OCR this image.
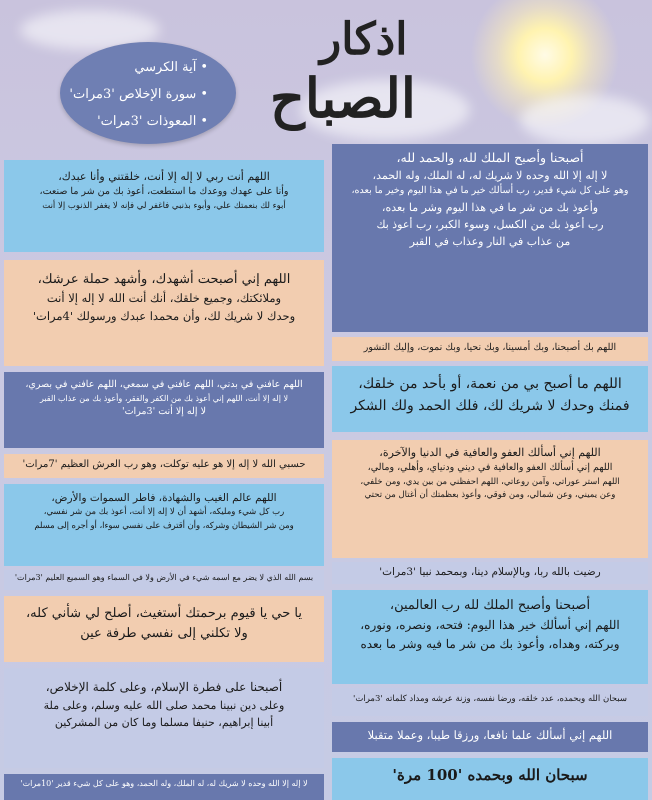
اذكار
الصباح
• آية الكرسي
• سورة الإخلاص '3مرات'
• المعوذات '3مرات'

أصبحنا وأصبح الملك لله، والحمد لله،

لا إله إلا الله وحده لا شريك له، له الملك، وله الحمد،

وهو على كل شيء قدير، رب أسألك خير ما في هذا اليوم وخير ما بعده،

وأعوذ بك من شر ما في هذا اليوم وشر ما بعده،

رب أعوذ بك من الكسل، وسوء الكبر، رب أعوذ بك

من عذاب في النار وعذاب في القبر

اللهم بك أصبحنا، وبك أمسينا، وبك نحيا، وبك نموت، وإليك النشور

اللهم ما أصبح بي من نعمة، أو بأحد من خلقك،

فمنك وحدك لا شريك لك، فلك الحمد ولك الشكر

اللهم إني أسألك العفو والعافية في الدنيا والآخرة،

اللهم إني أسألك العفو والعافية في ديني ودنياي، وأهلي، ومالي،

اللهم استر عوراتي، وآمن روعاتي، اللهم احفظني من بين يدي، ومن خلفي،

وعن يميني، وعن شمالي، ومن فوقي، وأعوذ بعظمتك أن أغتال من تحتي

رضيت بالله ربا، وبالإسلام دينا، وبمحمد نبيا '3مرات'

أصبحنا وأصبح الملك لله رب العالمين،

اللهم إني أسألك خير هذا اليوم: فتحه، ونصره، ونوره،

وبركته، وهداه، وأعوذ بك من شر ما فيه وشر ما بعده

سبحان الله وبحمده، عدد خلقه، ورضا نفسه، وزنة عرشه ومداد كلماته '3مرات'

اللهم إني أسألك علما نافعا، ورزقا طيبا، وعملا متقبلا

سبحان الله وبحمده '100 مرة'

اللهم أنت ربي لا إله إلا أنت، خلقتني وأنا عبدك،

وأنا على عهدك ووعدك ما استطعت، أعوذ بك من شر ما صنعت،

أبوء لك بنعمتك علي، وأبوء بذنبي فاغفر لي فإنه لا يغفر الذنوب إلا أنت

اللهم إني أصبحت أشهدك، وأشهد حملة عرشك،

وملائكتك، وجميع خلقك، أنك أنت الله لا إله إلا أنت

وحدك لا شريك لك، وأن محمدا عبدك ورسولك '4مرات'

اللهم عافني في بدني، اللهم عافني في سمعي، اللهم عافني في بصري،

لا إله إلا أنت، اللهم إني أعوذ بك من الكفر والفقر، وأعوذ بك من عذاب القبر

لا إله إلا أنت '3مرات'

حسبي الله لا إله إلا هو عليه توكلت، وهو رب العرش العظيم '7مرات'

اللهم عالم الغيب والشهادة، فاطر السموات والأرض،

رب كل شيء ومليكه، أشهد أن لا إله إلا أنت، أعوذ بك من شر نفسي،

ومن شر الشيطان وشركه، وأن أقترف على نفسي سوءا، أو أجره إلى مسلم

بسم الله الذي لا يضر مع اسمه شيء في الأرض ولا في السماء وهو السميع العليم '3مرات'

يا حي يا قيوم برحمتك أستغيث، أصلح لي شأني كله،

ولا تكلني إلى نفسي طرفة عين

أصبحنا على فطرة الإسلام، وعلى كلمة الإخلاص،

وعلى دين نبينا محمد صلى الله عليه وسلم، وعلى ملة

أبينا إبراهيم، حنيفا مسلما وما كان من المشركين

لا إله إلا الله وحده لا شريك له، له الملك، وله الحمد، وهو على كل شيء قدير '10مرات'
